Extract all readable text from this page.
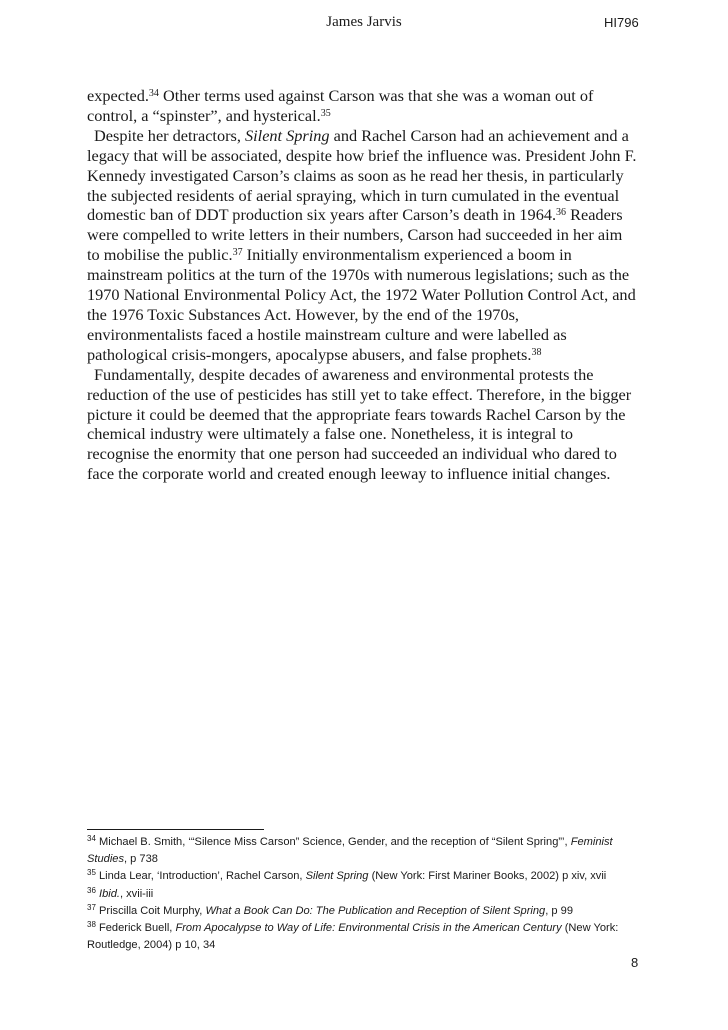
James Jarvis	HI796

expected.$^{34}$ Other terms used against Carson was that she was a woman out of control, a “spinster”, and hysterical.$^{35}$

Despite her detractors, Silent Spring and Rachel Carson had an achievement and a legacy that will be associated, despite how brief the influence was. President John F. Kennedy investigated Carson’s claims as soon as he read her thesis, in particularly the subjected residents of aerial spraying, which in turn cumulated in the eventual domestic ban of DDT production six years after Carson’s death in 1964.36 Readers were compelled to write letters in their numbers, Carson had succeeded in her aim to mobilise the public.$^{37}$ Initially environmentalism experienced a boom in mainstream politics at the turn of the 1970s with numerous legislations; such as the 1970 National Environmental Policy Act, the 1972 Water Pollution Control Act, and the 1976 Toxic Substances Act. However, by the end of the 1970s, environmentalists faced a hostile mainstream culture and were labelled as pathological crisis-mongers, apocalypse abusers, and false prophets.$^{38}$

Fundamentally, despite decades of awareness and environmental protests the reduction of the use of pesticides has still yet to take effect. Therefore, in the bigger picture it could be deemed that the appropriate fears towards Rachel Carson by the chemical industry were ultimately a false one. Nonetheless, it is integral to recognise the enormity that one person had succeeded an individual who dared to face the corporate world and created enough leeway to influence initial changes.

$^{34}$ Michael B. Smith, ‘“Silence Miss Carson” Science, Gender, and the reception of “Silent Spring”’, Feminist Studies, p 738
$^{35}$ Linda Lear, ‘Introduction’, Rachel Carson, Silent Spring (New York: First Mariner Books, 2002) p xiv, xvii
$^{36}$ Ibid., xvii-iii
$^{37}$ Priscilla Coit Murphy, What a Book Can Do: The Publication and Reception of Silent Spring, p 99
$^{38}$ Federick Buell, From Apocalypse to Way of Life: Environmental Crisis in the American Century (New York: Routledge, 2004) p 10, 34
8
